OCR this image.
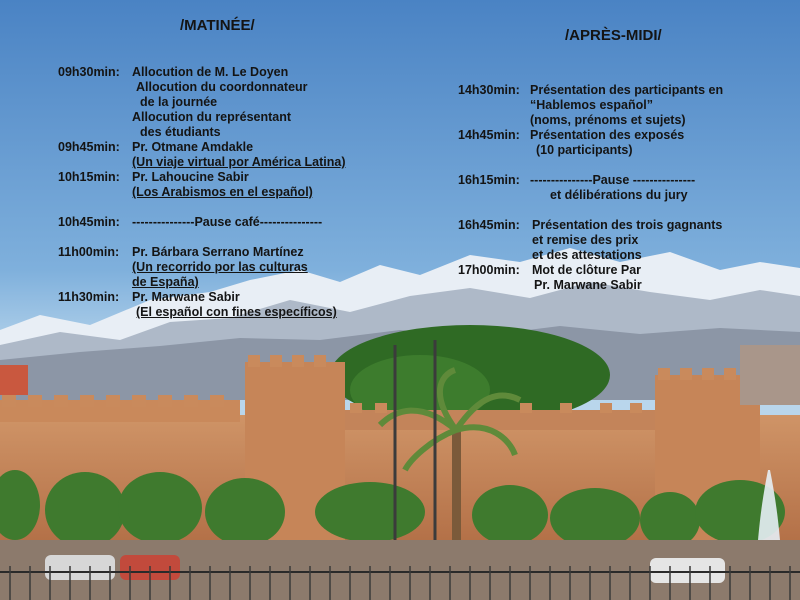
/MATINÉE/
/APRÈS-MIDI/
09h30min: Allocution de M. Le Doyen
Allocution du coordonnateur
de la journée
Allocution du représentant
des étudiants
09h45min: Pr. Otmane Amdakle
(Un viaje virtual por América Latina)
10h15min: Pr. Lahoucine Sabir
(Los Arabismos en el español)
10h45min: ---------------Pause café---------------
11h00min: Pr. Bárbara Serrano Martínez
(Un recorrido por las culturas
de España)
11h30min: Pr. Marwane Sabir
(El español con fines específicos)
14h30min: Présentation des participants en
“Hablemos español”
(noms, prénoms et sujets)
14h45min: Présentation des exposés
(10 participants)
16h15min: ---------------Pause ---------------
et délibérations du jury
16h45min: Présentation des trois gagnants
et remise des prix
et des attestations
17h00min: Mot de clôture Par
Pr. Marwane Sabir
